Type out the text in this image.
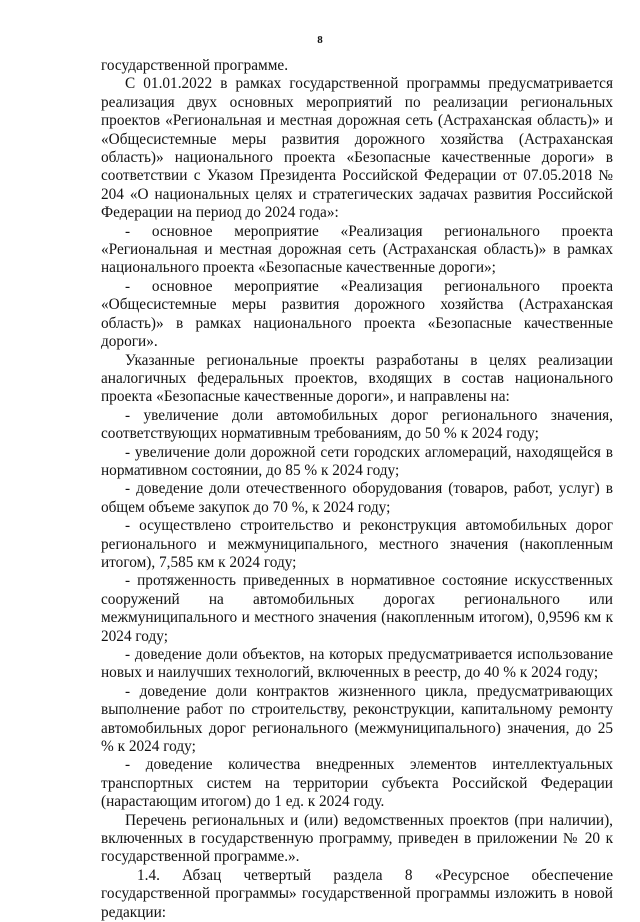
8

государственной программе.

С 01.01.2022 в рамках государственной программы предусматривается реализация двух основных мероприятий по реализации региональных проектов «Региональная и местная дорожная сеть (Астраханская область)» и «Общесистемные меры развития дорожного хозяйства (Астраханская область)» национального проекта «Безопасные качественные дороги» в соответствии с Указом Президента Российской Федерации от 07.05.2018 № 204 «О национальных целях и стратегических задачах развития Российской Федерации на период до 2024 года»:

- основное мероприятие «Реализация регионального проекта «Региональная и местная дорожная сеть (Астраханская область)» в рамках национального проекта «Безопасные качественные дороги»;

- основное мероприятие «Реализация регионального проекта «Общесистемные меры развития дорожного хозяйства (Астраханская область)» в рамках национального проекта «Безопасные качественные дороги».

Указанные региональные проекты разработаны в целях реализации аналогичных федеральных проектов, входящих в состав национального проекта «Безопасные качественные дороги», и направлены на:

- увеличение доли автомобильных дорог регионального значения, соответствующих нормативным требованиям, до 50 % к 2024 году;

- увеличение доли дорожной сети городских агломераций, находящейся в нормативном состоянии, до 85 % к 2024 году;

- доведение доли отечественного оборудования (товаров, работ, услуг) в общем объеме закупок до 70 %, к 2024 году;

- осуществлено строительство и реконструкция автомобильных дорог регионального и межмуниципального, местного значения (накопленным итогом), 7,585 км к 2024 году;

- протяженность приведенных в нормативное состояние искусственных сооружений на автомобильных дорогах регионального или межмуниципального и местного значения (накопленным итогом), 0,9596 км к 2024 году;

- доведение доли объектов, на которых предусматривается использование новых и наилучших технологий, включенных в реестр, до 40 % к 2024 году;

- доведение доли контрактов жизненного цикла, предусматривающих выполнение работ по строительству, реконструкции, капитальному ремонту автомобильных дорог регионального (межмуниципального) значения, до 25 % к 2024 году;

- доведение количества внедренных элементов интеллектуальных транспортных систем на территории субъекта Российской Федерации (нарастающим итогом) до 1 ед. к 2024 году.

Перечень региональных и (или) ведомственных проектов (при наличии), включенных в государственную программу, приведен в приложении № 20 к государственной программе.».

1.4. Абзац четвертый раздела 8 «Ресурсное обеспечение государственной программы» государственной программы изложить в новой редакции:
